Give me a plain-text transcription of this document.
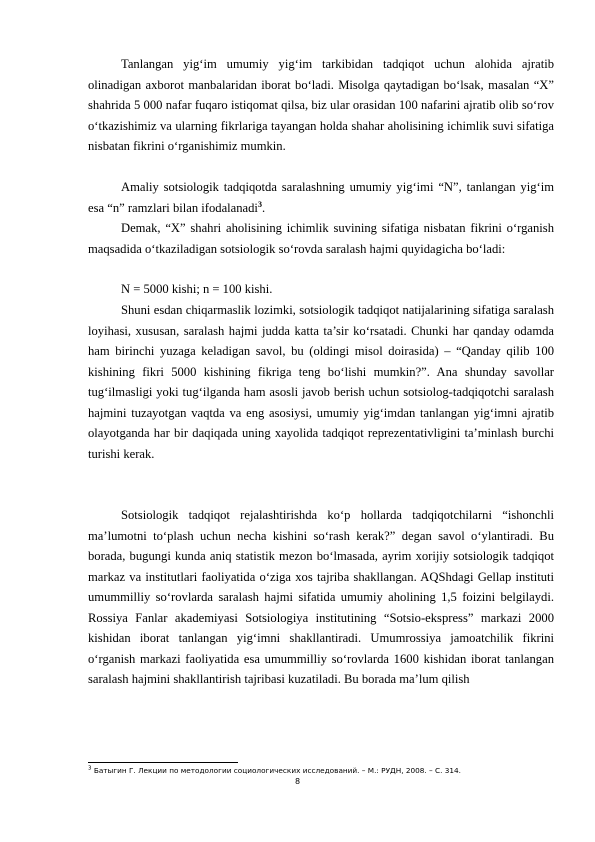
Tanlangan yig‘im umumiy yig‘im tarkibidan tadqiqot uchun alohida ajratib olinadigan axborot manbalaridan iborat bo‘ladi. Misolga qaytadigan bo‘lsak, masalan “X” shahrida 5 000 nafar fuqaro istiqomat qilsa, biz ular orasidan 100 nafarini ajratib olib so‘rov o‘tkazishimiz va ularning fikrlariga tayangan holda shahar aholisining ichimlik suvi sifatiga nisbatan fikrini o‘rganishimiz mumkin.

Amaliy sotsiologik tadqiqotda saralashning umumiy yig‘imi “N”, tanlangan yig‘im esa “n” ramzlari bilan ifodalanadi$^3$.

Demak, “X” shahri aholisining ichimlik suvining sifatiga nisbatan fikrini o‘rganish maqsadida o‘tkaziladigan sotsiologik so‘rovda saralash hajmi quyidagicha bo‘ladi:

N = 5000 kishi; n = 100 kishi.

Shuni esdan chiqarmaslik lozimki, sotsiologik tadqiqot natijalarining sifatiga saralash loyihasi, xususan, saralash hajmi judda katta ta’sir ko‘rsatadi. Chunki har qanday odamda ham birinchi yuzaga keladigan savol, bu (oldingi misol doirasida) – “Qanday qilib 100 kishining fikri 5000 kishining fikriga teng bo‘lishi mumkin?”. Ana shunday savollar tug‘ilmasligi yoki tug‘ilganda ham asosli javob berish uchun sotsiolog-tadqiqotchi saralash hajmini tuzayotgan vaqtda va eng asosiysi, umumiy yig‘imdan tanlangan yig‘imni ajratib olayotganda har bir daqiqada uning xayolida tadqiqot reprezentativligini ta’minlash burchi turishi kerak.

Sotsiologik tadqiqot rejalashtirishda ko‘p hollarda tadqiqotchilarni “ishonchli ma’lumotni to‘plash uchun necha kishini so‘rash kerak?” degan savol o‘ylantiradi. Bu borada, bugungi kunda aniq statistik mezon bo‘lmasada, ayrim xorijiy sotsiologik tadqiqot markaz va institutlari faoliyatida o‘ziga xos tajriba shakllangan. AQShdagi Gellap instituti umummilliy so‘rovlarda saralash hajmi sifatida umumiy aholining 1,5 foizini belgilaydi. Rossiya Fanlar akademiyasi Sotsiologiya institutining “Sotsio-ekspress” markazi 2000 kishidan iborat tanlangan yig‘imni shakllantiradi. Umumrossiya jamoatchilik fikrini o‘rganish markazi faoliyatida esa umummilliy so‘rovlarda 1600 kishidan iborat tanlangan saralash hajmini shakllantirish tajribasi kuzatiladi. Bu borada ma’lum qilish

$^3$ Батыгин Г. Лекции по методологии социологических исследований. – М.: РУДН, 2008. – С. 314.

8
